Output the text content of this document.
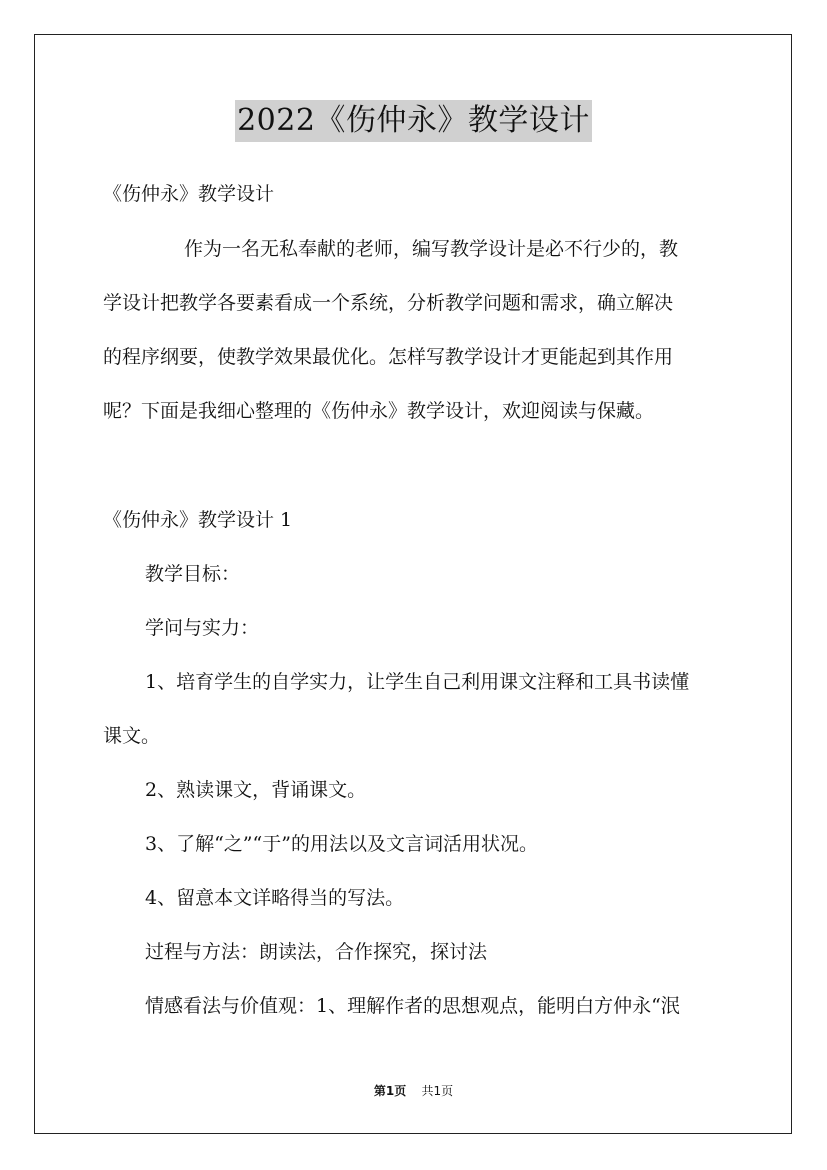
2022《伤仲永》教学设计
《伤仲永》教学设计
作为一名无私奉献的老师，编写教学设计是必不行少的，教
学设计把教学各要素看成一个系统，分析教学问题和需求，确立解决
的程序纲要，使教学效果最优化。怎样写教学设计才更能起到其作用
呢？下面是我细心整理的《伤仲永》教学设计，欢迎阅读与保藏。
《伤仲永》教学设计 1
教学目标：
学问与实力：
1、培育学生的自学实力，让学生自己利用课文注释和工具书读懂
课文。
2、熟读课文，背诵课文。
3、了解“之”“于”的用法以及文言词活用状况。
4、留意本文详略得当的写法。
过程与方法：朗读法，合作探究，探讨法
情感看法与价值观：1、理解作者的思想观点，能明白方仲永“泯
第1页 共1页
